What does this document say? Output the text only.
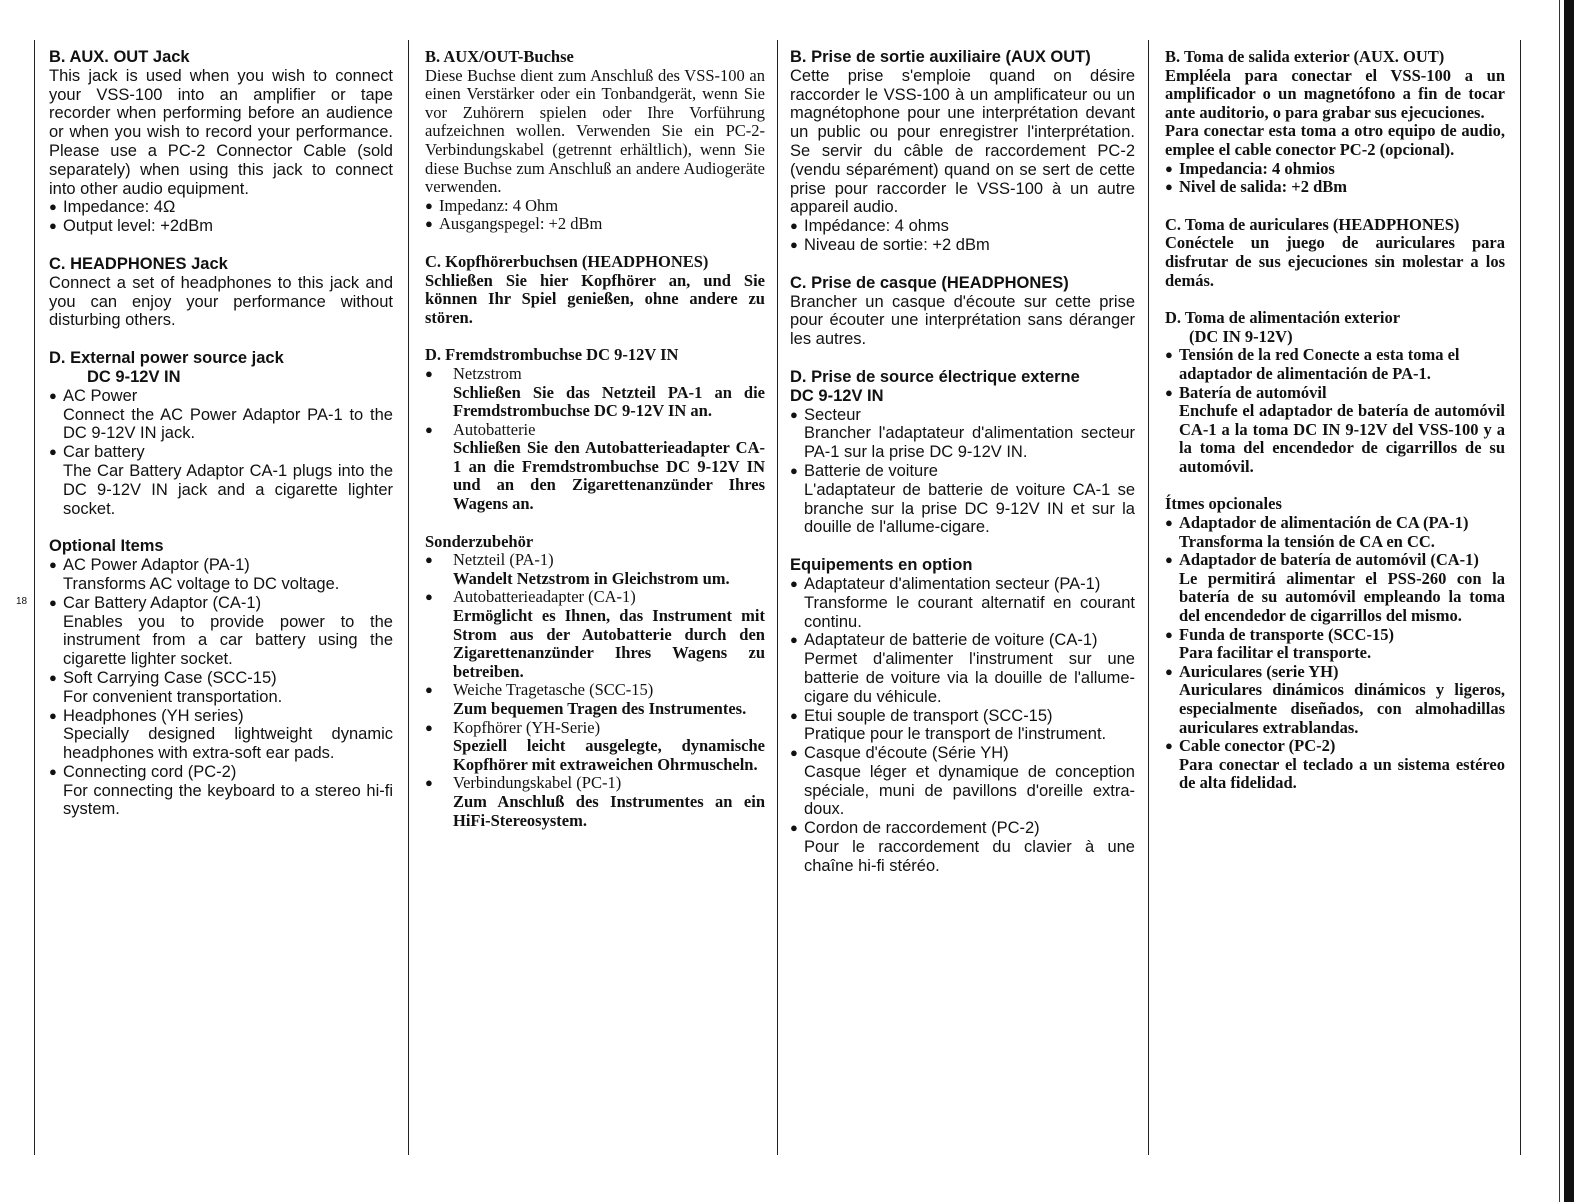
18
B. AUX. OUT Jack

This jack is used when you wish to connect your VSS-100 into an amplifier or tape recorder when performing before an audience or when you wish to record your performance. Please use a PC-2 Connector Cable (sold separately) when using this jack to connect into other audio equipment.

● Impedance: 4Ω
● Output level: +2dBm
C. HEADPHONES Jack

Connect a set of headphones to this jack and you can enjoy your performance without disturbing others.

D. External power source jack
DC 9-12V IN
● AC Power
Connect the AC Power Adaptor PA-1 to the DC 9-12V IN jack.
● Car battery
The Car Battery Adaptor CA-1 plugs into the DC 9-12V IN jack and a cigarette lighter socket.
Optional Items
● AC Power Adaptor (PA-1)
Transforms AC voltage to DC voltage.
● Car Battery Adaptor (CA-1)
Enables you to provide power to the instrument from a car battery using the cigarette lighter socket.
● Soft Carrying Case (SCC-15)
For convenient transportation.
● Headphones (YH series)
Specially designed lightweight dynamic headphones with extra-soft ear pads.
● Connecting cord (PC-2)
For connecting the keyboard to a stereo hi-fi system.
B. AUX/OUT-Buchse

Diese Buchse dient zum Anschluß des VSS-100 an einen Verstärker oder ein Tonbandgerät, wenn Sie vor Zuhörern spielen oder Ihre Vorführung aufzeichnen wollen. Verwenden Sie ein PC-2-Verbindungskabel (getrennt erhältlich), wenn Sie diese Buchse zum Anschluß an andere Audiogeräte verwenden.

● Impedanz: 4 Ohm
● Ausgangspegel: +2 dBm
C. Kopfhörerbuchsen (HEADPHONES)

Schließen Sie hier Kopfhörer an, und Sie können Ihr Spiel genießen, ohne andere zu stören.

D. Fremdstrombuchse DC 9-12V IN
● Netzstrom
Schließen Sie das Netzteil PA-1 an die Fremdstrombuchse DC 9-12V IN an.
● Autobatterie
Schließen Sie den Autobatterieadapter CA-1 an die Fremdstrombuchse DC 9-12V IN und an den Zigarettenanzünder Ihres Wagens an.
Sonderzubehör
● Netzteil (PA-1)
Wandelt Netzstrom in Gleichstrom um.
● Autobatterieadapter (CA-1)
Ermöglicht es Ihnen, das Instrument mit Strom aus der Autobatterie durch den Zigarettenanzünder Ihres Wagens zu betreiben.
● Weiche Tragetasche (SCC-15)
Zum bequemen Tragen des Instrumentes.
● Kopfhörer (YH-Serie)
Speziell leicht ausgelegte, dynamische Kopfhörer mit extraweichen Ohrmuscheln.
● Verbindungskabel (PC-1)
Zum Anschluß des Instrumentes an ein HiFi-Stereosystem.
B. Prise de sortie auxiliaire (AUX OUT)

Cette prise s'emploie quand on désire raccorder le VSS-100 à un amplificateur ou un magnétophone pour une interprétation devant un public ou pour enregistrer l'interprétation. Se servir du câble de raccordement PC-2 (vendu séparément) quand on se sert de cette prise pour raccorder le VSS-100 à un autre appareil audio.

● Impédance: 4 ohms
● Niveau de sortie: +2 dBm
C. Prise de casque (HEADPHONES)

Brancher un casque d'écoute sur cette prise pour écouter une interprétation sans déranger les autres.

D. Prise de source électrique externe
DC 9-12V IN
● Secteur
Brancher l'adaptateur d'alimentation secteur PA-1 sur la prise DC 9-12V IN.
● Batterie de voiture
L'adaptateur de batterie de voiture CA-1 se branche sur la prise DC 9-12V IN et sur la douille de l'allume-cigare.
Equipements en option
● Adaptateur d'alimentation secteur (PA-1)
Transforme le courant alternatif en courant continu.
● Adaptateur de batterie de voiture (CA-1)
Permet d'alimenter l'instrument sur une batterie de voiture via la douille de l'allume-cigare du véhicule.
● Etui souple de transport (SCC-15)
Pratique pour le transport de l'instrument.
● Casque d'écoute (Série YH)
Casque léger et dynamique de conception spéciale, muni de pavillons d'oreille extra-doux.
● Cordon de raccordement (PC-2)
Pour le raccordement du clavier à une chaîne hi-fi stéréo.
B. Toma de salida exterior (AUX. OUT)

Empléela para conectar el VSS-100 a un amplificador o un magnetófono a fin de tocar ante auditorio, o para grabar sus ejecuciones.

Para conectar esta toma a otro equipo de audio, emplee el cable conector PC-2 (opcional).

● Impedancia: 4 ohmios
● Nivel de salida: +2 dBm
C. Toma de auriculares (HEADPHONES)

Conéctele un juego de auriculares para disfrutar de sus ejecuciones sin molestar a los demás.

D. Toma de alimentación exterior
(DC IN 9-12V)
● Tensión de la red Conecte a esta toma el adaptador de alimentación de PA-1.
● Batería de automóvil
Enchufe el adaptador de batería de automóvil CA-1 a la toma DC IN 9-12V del VSS-100 y a la toma del encendedor de cigarrillos de su automóvil.
Ítmes opcionales
● Adaptador de alimentación de CA (PA-1)
Transforma la tensión de CA en CC.
● Adaptador de batería de automóvil (CA-1)
Le permitirá alimentar el PSS-260 con la batería de su automóvil empleando la toma del encendedor de cigarrillos del mismo.
● Funda de transporte (SCC-15)
Para facilitar el transporte.
● Auriculares (serie YH)
Auriculares dinámicos dinámicos y ligeros, especialmente diseñados, con almohadillas auriculares extrablandas.
● Cable conector (PC-2)
Para conectar el teclado a un sistema estéreo de alta fidelidad.
